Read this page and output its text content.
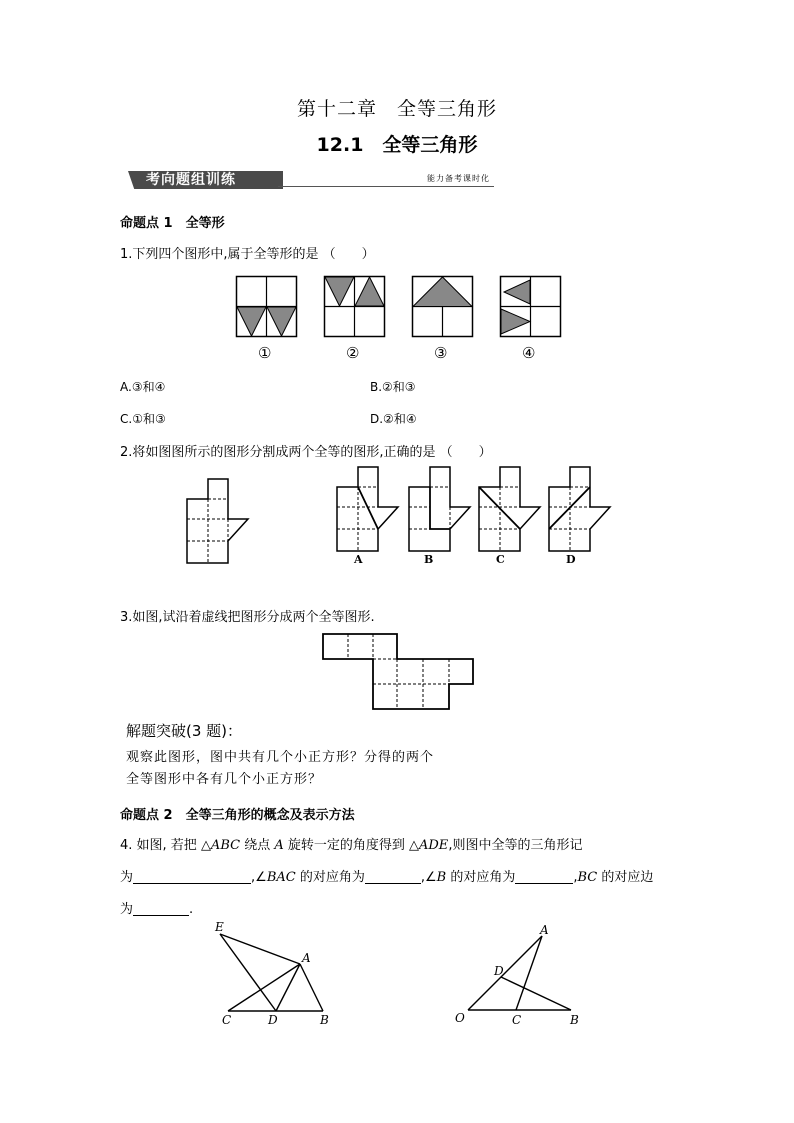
第十二章　全等三角形
12.1　全等三角形
考向题组训练	能力备考课时化
命题点 1　全等形
1.下列四个图形中,属于全等形的是 （　　）
①	②	③	④
A.③和④	B.②和③
C.①和③	D.②和④
2.将如图图所示的图形分割成两个全等的图形,正确的是 （　　）
A	B	C	D
3.如图,试沿着虚线把图形分成两个全等图形.
解题突破(3 题)：
观察此图形，图中共有几个小正方形？分得的两个
全等图形中各有几个小正方形？
命题点 2　全等三角形的概念及表示方法
4. 如图, 若把 △ABC 绕点 A 旋转一定的角度得到 △ADE,则图中全等的三角形记
为	,∠BAC 的对应角为	,∠B 的对应角为	,BC 的对应边
为	.
E
A
C	D	B
A
D
O	C	B
